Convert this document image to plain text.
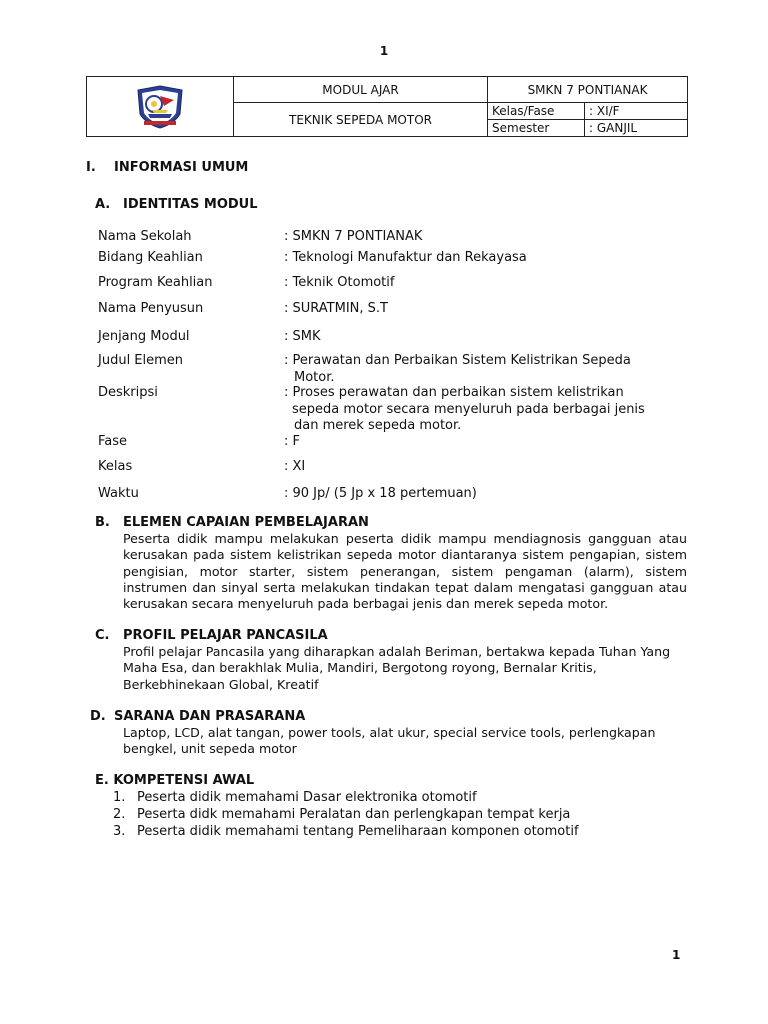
1
MODUL AJAR	SMKN 7 PONTIANAK
TEKNIK SEPEDA MOTOR
Kelas/Fase	: XI/F
Semester	: GANJIL
I. INFORMASI UMUM
A. IDENTITAS MODUL
Nama Sekolah	: SMKN 7 PONTIANAK
Bidang Keahlian	: Teknologi Manufaktur dan Rekayasa
Program Keahlian	: Teknik Otomotif
Nama Penyusun	: SURATMIN, S.T
Jenjang Modul	: SMK
Judul Elemen	: Perawatan dan Perbaikan Sistem Kelistrikan Sepeda
Motor.
Deskripsi	: Proses perawatan dan perbaikan sistem kelistrikan
sepeda motor secara menyeluruh pada berbagai jenis
dan merek sepeda motor.
Fase	: F
Kelas	: XI
Waktu	: 90 Jp/ (5 Jp x 18 pertemuan)
B. ELEMEN CAPAIAN PEMBELAJARAN
Peserta didik mampu melakukan peserta didik mampu mendiagnosis gangguan atau kerusakan pada sistem kelistrikan sepeda motor diantaranya sistem pengapian, sistem pengisian, motor starter, sistem penerangan, sistem pengaman (alarm), sistem instrumen dan sinyal serta melakukan tindakan tepat dalam mengatasi gangguan atau kerusakan secara menyeluruh pada berbagai jenis dan merek sepeda motor.
C. PROFIL PELAJAR PANCASILA
Profil pelajar Pancasila yang diharapkan adalah Beriman, bertakwa kepada Tuhan Yang Maha Esa, dan berakhlak Mulia, Mandiri, Bergotong royong, Bernalar Kritis, Berkebhinekaan Global, Kreatif
D. SARANA DAN PRASARANA
Laptop, LCD, alat tangan, power tools, alat ukur, special service tools, perlengkapan bengkel, unit sepeda motor
E. KOMPETENSI AWAL
1. Peserta didik memahami Dasar elektronika otomotif
2. Peserta didk memahami Peralatan dan perlengkapan tempat kerja
3. Peserta didik memahami tentang Pemeliharaan komponen otomotif
1
